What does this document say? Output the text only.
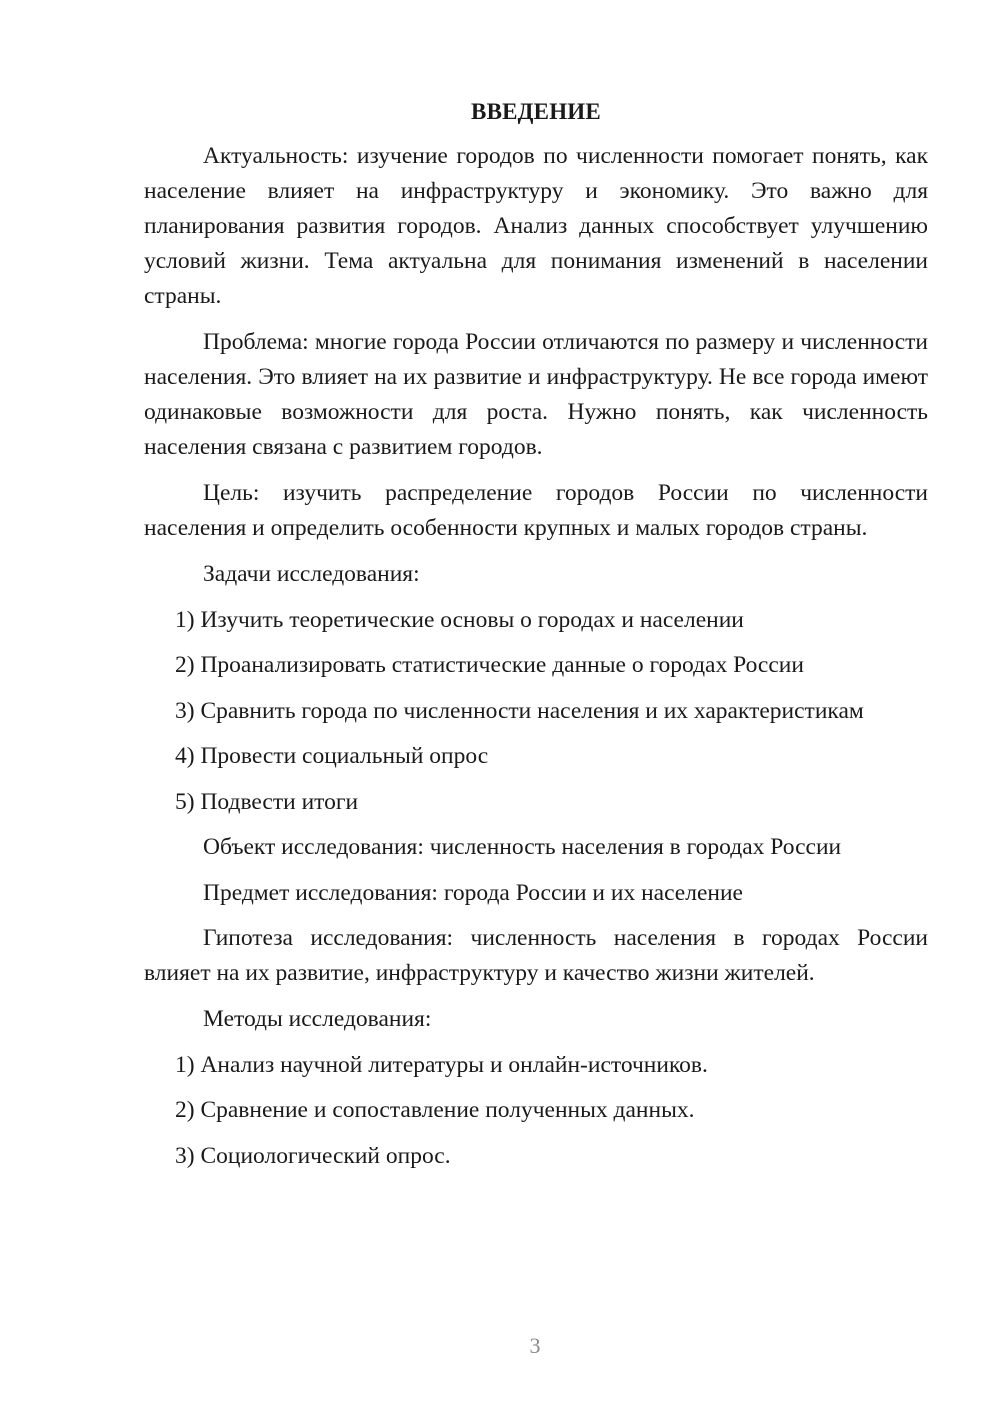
ВВЕДЕНИЕ
Актуальность: изучение городов по численности помогает понять, как население влияет на инфраструктуру и экономику. Это важно для планирования развития городов. Анализ данных способствует улучшению условий жизни. Тема актуальна для понимания изменений в населении страны.
Проблема: многие города России отличаются по размеру и численности населения. Это влияет на их развитие и инфраструктуру. Не все города имеют одинаковые возможности для роста. Нужно понять, как численность населения связана с развитием городов.
Цель: изучить распределение городов России по численности населения и определить особенности крупных и малых городов страны.
Задачи исследования:
1) Изучить теоретические основы о городах и населении
2) Проанализировать статистические данные о городах России
3) Сравнить города по численности населения и их характеристикам
4) Провести социальный опрос
5) Подвести итоги
Объект исследования: численность населения в городах России
Предмет исследования: города России и их население
Гипотеза исследования: численность населения в городах России влияет на их развитие, инфраструктуру и качество жизни жителей.
Методы исследования:
1) Анализ научной литературы и онлайн-источников.
2) Сравнение и сопоставление полученных данных.
3) Социологический опрос.
3
